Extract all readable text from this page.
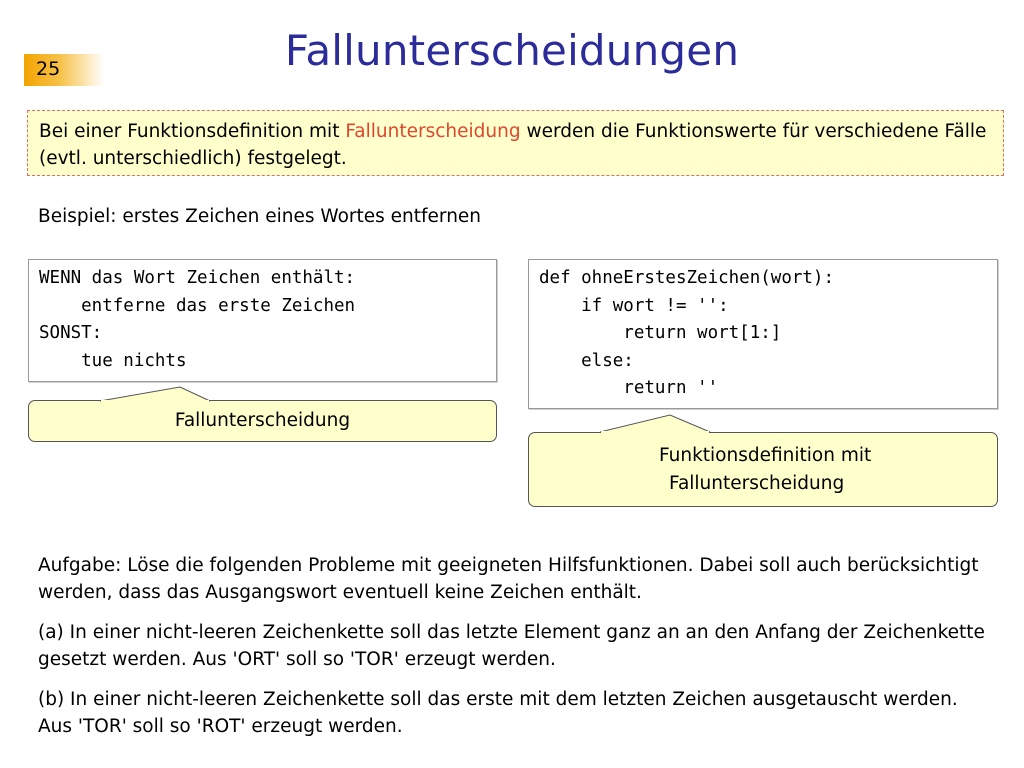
25	Fallunterscheidungen
Bei einer Funktionsdefinition mit Fallunterscheidung werden die Funktionswerte für verschiedene Fälle (evtl. unterschiedlich) festgelegt.
Beispiel: erstes Zeichen eines Wortes entfernen
WENN das Wort Zeichen enthält:
entferne das erste Zeichen
SONST:
tue nichts
def ohneErstesZeichen(wort):
if wort != '':
return wort[1:]
else:
return ''
Fallunterscheidung
Funktionsdefinition mit
Fallunterscheidung

Aufgabe: Löse die folgenden Probleme mit geeigneten Hilfsfunktionen. Dabei soll auch berücksichtigt werden, dass das Ausgangswort eventuell keine Zeichen enthält.

(a) In einer nicht-leeren Zeichenkette soll das letzte Element ganz an an den Anfang der Zeichenkette gesetzt werden. Aus 'ORT' soll so 'TOR' erzeugt werden.

(b) In einer nicht-leeren Zeichenkette soll das erste mit dem letzten Zeichen ausgetauscht werden. Aus 'TOR' soll so 'ROT' erzeugt werden.
